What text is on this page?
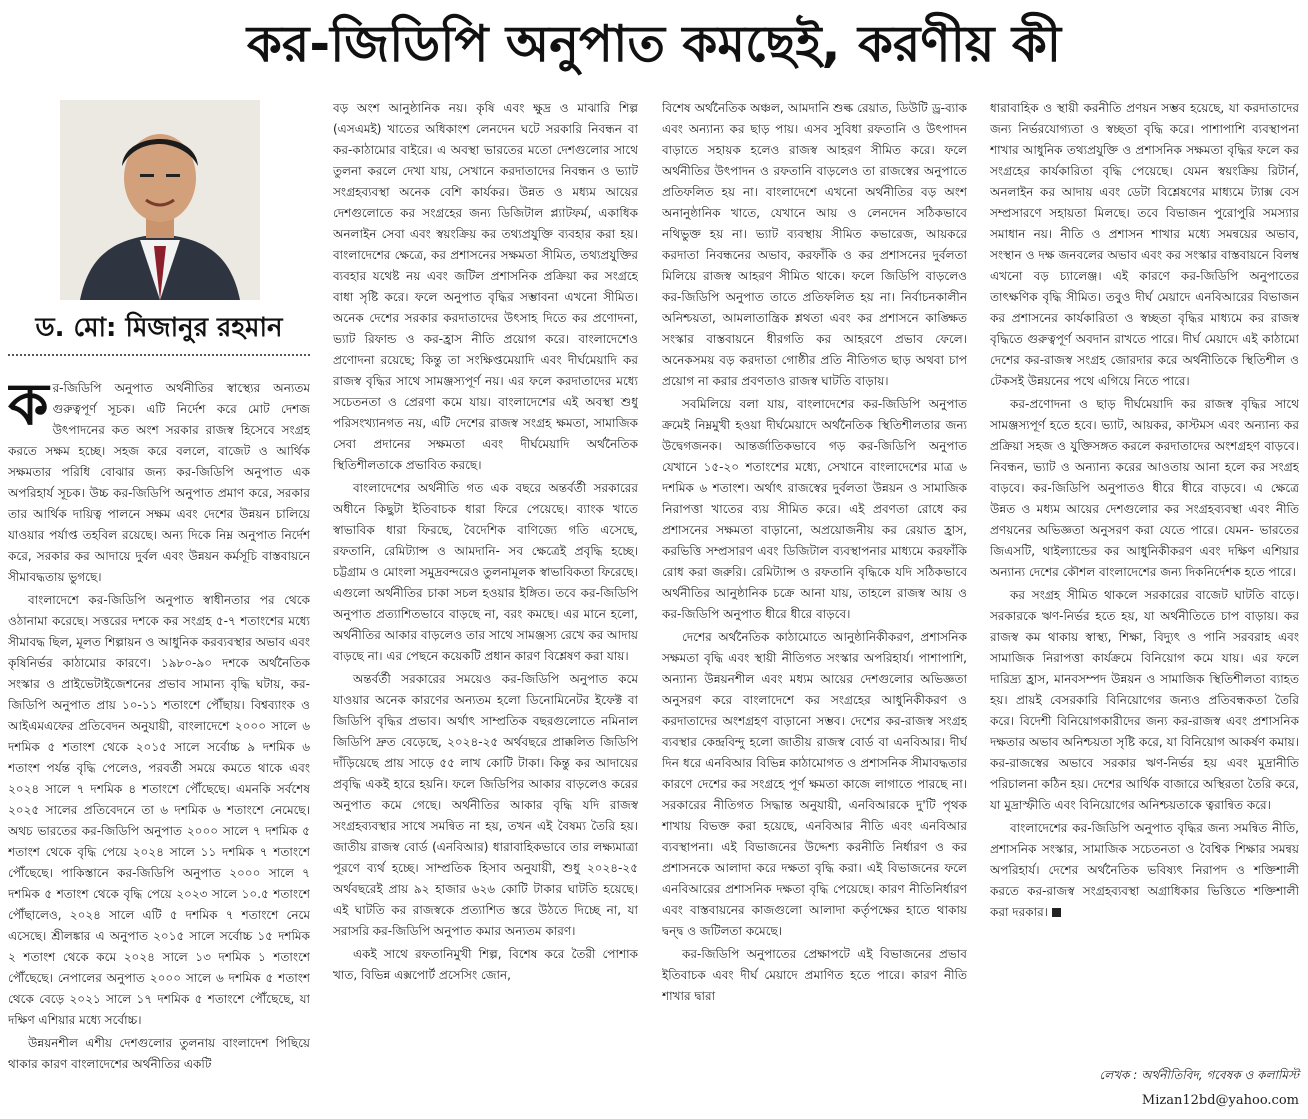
কর-জিডিপি অনুপাত কমছেই, করণীয় কী
ড. মো: মিজানুর রহমান

কর-জিডিপি অনুপাত অর্থনীতির স্বাস্থ্যের অন্যতম গুরুত্বপূর্ণ সূচক। এটি নির্দেশ করে মোট দেশজ উৎপাদনের কত অংশ সরকার রাজস্ব হিসেবে সংগ্রহ করতে সক্ষম হচ্ছে। সহজ করে বললে, বাজেট ও আর্থিক সক্ষমতার পরিধি বোঝার জন্য কর-জিডিপি অনুপাত এক অপরিহার্য সূচক। উচ্চ কর-জিডিপি অনুপাত প্রমাণ করে, সরকার তার আর্থিক দায়িত্ব পালনে সক্ষম এবং দেশের উন্নয়ন চালিয়ে যাওয়ার পর্যাপ্ত তহবিল রয়েছে। অন্য দিকে নিম্ন অনুপাত নির্দেশ করে, সরকার কর আদায়ে দুর্বল এবং উন্নয়ন কর্মসূচি বাস্তবায়নে সীমাবদ্ধতায় ভুগছে।

বাংলাদেশে কর-জিডিপি অনুপাত স্বাধীনতার পর থেকে ওঠানামা করেছে। সত্তরের দশকে কর সংগ্রহ ৫-৭ শতাংশের মধ্যে সীমাবদ্ধ ছিল, মূলত শিল্পায়ন ও আধুনিক করব্যবস্থার অভাব এবং কৃষিনির্ভর কাঠামোর কারণে। ১৯৮০-৯০ দশকে অর্থনৈতিক সংস্কার ও প্রাইভেটাইজেশনের প্রভাব সামান্য বৃদ্ধি ঘটায়, কর-জিডিপি অনুপাত প্রায় ১০-১১ শতাংশে পৌঁছায়। বিশ্বব্যাংক ও আইএমএফের প্রতিবেদন অনুযায়ী, বাংলাদেশে ২০০০ সালে ৬ দশমিক ৫ শতাংশ থেকে ২০১৫ সালে সর্বোচ্চ ৯ দশমিক ৬ শতাংশ পর্যন্ত বৃদ্ধি পেলেও, পরবর্তী সময়ে কমতে থাকে এবং ২০২৪ সালে ৭ দশমিক ৪ শতাংশে পৌঁছেছে। এমনকি সর্বশেষ ২০২৫ সালের প্রতিবেদনে তা ৬ দশমিক ৬ শতাংশে নেমেছে। অথচ ভারতের কর-জিডিপি অনুপাত ২০০০ সালে ৭ দশমিক ৫ শতাংশ থেকে বৃদ্ধি পেয়ে ২০২৪ সালে ১১ দশমিক ৭ শতাংশে পৌঁছেছে। পাকিস্তানে কর-জিডিপি অনুপাত ২০০০ সালে ৭ দশমিক ৫ শতাংশ থেকে বৃদ্ধি পেয়ে ২০২৩ সালে ১০.৫ শতাংশে পৌঁছালেও, ২০২৪ সালে এটি ৫ দশমিক ৭ শতাংশে নেমে এসেছে। শ্রীলঙ্কার এ অনুপাত ২০১৫ সালে সর্বোচ্চ ১৫ দশমিক ২ শতাংশ থেকে কমে ২০২৪ সালে ১৩ দশমিক ১ শতাংশে পৌঁছেছে। নেপালের অনুপাত ২০০০ সালে ৬ দশমিক ৫ শতাংশ থেকে বেড়ে ২০২১ সালে ১৭ দশমিক ৫ শতাংশে পৌঁছেছে, যা দক্ষিণ এশিয়ার মধ্যে সর্বোচ্চ।

উন্নয়নশীল এশীয় দেশগুলোর তুলনায় বাংলাদেশ পিছিয়ে থাকার কারণ বাংলাদেশের অর্থনীতির একটি

বড় অংশ আনুষ্ঠানিক নয়। কৃষি এবং ক্ষুদ্র ও মাঝারি শিল্প (এসএমই) খাতের অধিকাংশ লেনদেন ঘটে সরকারি নিবন্ধন বা কর-কাঠামোর বাইরে। এ অবস্থা ভারতের মতো দেশগুলোর সাথে তুলনা করলে দেখা যায়, সেখানে করদাতাদের নিবন্ধন ও ভ্যাট সংগ্রহব্যবস্থা অনেক বেশি কার্যকর। উন্নত ও মধ্যম আয়ের দেশগুলোতে কর সংগ্রহের জন্য ডিজিটাল প্ল্যাটফর্ম, একাধিক অনলাইন সেবা এবং স্বয়ংক্রিয় কর তথ্যপ্রযুক্তি ব্যবহার করা হয়। বাংলাদেশের ক্ষেত্রে, কর প্রশাসনের সক্ষমতা সীমিত, তথ্যপ্রযুক্তির ব্যবহার যথেষ্ট নয় এবং জটিল প্রশাসনিক প্রক্রিয়া কর সংগ্রহে বাধা সৃষ্টি করে। ফলে অনুপাত বৃদ্ধির সম্ভাবনা এখনো সীমিত। অনেক দেশের সরকার করদাতাদের উৎসাহ দিতে কর প্রণোদনা, ভ্যাট রিফান্ড ও কর-হ্রাস নীতি প্রয়োগ করে। বাংলাদেশেও প্রণোদনা রয়েছে; কিন্তু তা সংক্ষিপ্তমেয়াদি এবং দীর্ঘমেয়াদি কর রাজস্ব বৃদ্ধির সাথে সামঞ্জস্যপূর্ণ নয়। এর ফলে করদাতাদের মধ্যে সচেতনতা ও প্রেরণা কমে যায়। বাংলাদেশের এই অবস্থা শুধু পরিসংখ্যানগত নয়, এটি দেশের রাজস্ব সংগ্রহ ক্ষমতা, সামাজিক সেবা প্রদানের সক্ষমতা এবং দীর্ঘমেয়াদি অর্থনৈতিক স্থিতিশীলতাকে প্রভাবিত করছে।

বাংলাদেশের অর্থনীতি গত এক বছরে অন্তর্বর্তী সরকারের অধীনে কিছুটা ইতিবাচক ধারা ফিরে পেয়েছে। ব্যাংক খাতে স্বাভাবিক ধারা ফিরছে, বৈদেশিক বাণিজ্যে গতি এসেছে, রফতানি, রেমিট্যান্স ও আমদানি- সব ক্ষেত্রেই প্রবৃদ্ধি হচ্ছে। চট্টগ্রাম ও মোংলা সমুদ্রবন্দরেও তুলনামূলক স্বাভাবিকতা ফিরেছে। এগুলো অর্থনীতির চাকা সচল হওয়ার ইঙ্গিত। তবে কর-জিডিপি অনুপাত প্রত্যাশিতভাবে বাড়ছে না, বরং কমছে। এর মানে হলো, অর্থনীতির আকার বাড়লেও তার সাথে সামঞ্জস্য রেখে কর আদায় বাড়ছে না। এর পেছনে কয়েকটি প্রধান কারণ বিশ্লেষণ করা যায়।

অন্তর্বর্তী সরকারের সময়েও কর-জিডিপি অনুপাত কমে যাওয়ার অনেক কারণের অন্যতম হলো ডিনোমিনেটর ইফেক্ট বা জিডিপি বৃদ্ধির প্রভাব। অর্থাৎ সাম্প্রতিক বছরগুলোতে নমিনাল জিডিপি দ্রুত বেড়েছে, ২০২৪-২৫ অর্থবছরে প্রাক্কলিত জিডিপি দাঁড়িয়েছে প্রায় সাড়ে ৫৫ লাখ কোটি টাকা। কিন্তু কর আদায়ের প্রবৃদ্ধি একই হারে হয়নি। ফলে জিডিপির আকার বাড়লেও করের অনুপাত কমে গেছে। অর্থনীতির আকার বৃদ্ধি যদি রাজস্ব সংগ্রহব্যবস্থার সাথে সমন্বিত না হয়, তখন এই বৈষম্য তৈরি হয়। জাতীয় রাজস্ব বোর্ড (এনবিআর) ধারাবাহিকভাবে তার লক্ষ্যমাত্রা পূরণে ব্যর্থ হচ্ছে। সাম্প্রতিক হিসাব অনুযায়ী, শুধু ২০২৪-২৫ অর্থবছরেই প্রায় ৯২ হাজার ৬২৬ কোটি টাকার ঘাটতি হয়েছে। এই ঘাটতি কর রাজস্বকে প্রত্যাশিত স্তরে উঠতে দিচ্ছে না, যা সরাসরি কর-জিডিপি অনুপাত কমার অন্যতম কারণ।

একই সাথে রফতানিমুখী শিল্প, বিশেষ করে তৈরী পোশাক খাত, বিভিন্ন এক্সপোর্ট প্রসেসিং জোন,

বিশেষ অর্থনৈতিক অঞ্চল, আমদানি শুল্ক রেয়াত, ডিউটি ড্র-ব্যাক এবং অন্যান্য কর ছাড় পায়। এসব সুবিধা রফতানি ও উৎপাদন বাড়াতে সহায়ক হলেও রাজস্ব আহরণ সীমিত করে। ফলে অর্থনীতির উৎপাদন ও রফতানি বাড়লেও তা রাজস্বের অনুপাতে প্রতিফলিত হয় না। বাংলাদেশে এখনো অর্থনীতির বড় অংশ অনানুষ্ঠানিক খাতে, যেখানে আয় ও লেনদেন সঠিকভাবে নথিভুক্ত হয় না। ভ্যাট ব্যবস্থায় সীমিত কভারেজ, আয়করে করদাতা নিবন্ধনের অভাব, করফাঁকি ও কর প্রশাসনের দুর্বলতা মিলিয়ে রাজস্ব আহরণ সীমিত থাকে। ফলে জিডিপি বাড়লেও কর-জিডিপি অনুপাত তাতে প্রতিফলিত হয় না। নির্বাচনকালীন অনিশ্চয়তা, আমলাতান্ত্রিক শ্লথতা এবং কর প্রশাসনে কাঙ্ক্ষিত সংস্কার বাস্তবায়নে ধীরগতি কর আহরণে প্রভাব ফেলে। অনেকসময় বড় করদাতা গোষ্ঠীর প্রতি নীতিগত ছাড় অথবা চাপ প্রয়োগ না করার প্রবণতাও রাজস্ব ঘাটতি বাড়ায়।

সবমিলিয়ে বলা যায়, বাংলাদেশের কর-জিডিপি অনুপাত ক্রমেই নিম্নমুখী হওয়া দীর্ঘমেয়াদে অর্থনৈতিক স্থিতিশীলতার জন্য উদ্বেগজনক। আন্তর্জাতিকভাবে গড় কর-জিডিপি অনুপাত যেখানে ১৫-২০ শতাংশের মধ্যে, সেখানে বাংলাদেশের মাত্র ৬ দশমিক ৬ শতাংশ। অর্থাৎ রাজস্বের দুর্বলতা উন্নয়ন ও সামাজিক নিরাপত্তা খাতের ব্যয় সীমিত করে। এই প্রবণতা রোধে কর প্রশাসনের সক্ষমতা বাড়ানো, অপ্রয়োজনীয় কর রেয়াত হ্রাস, করভিত্তি সম্প্রসারণ এবং ডিজিটাল ব্যবস্থাপনার মাধ্যমে করফাঁকি রোধ করা জরুরি। রেমিট্যান্স ও রফতানি বৃদ্ধিকে যদি সঠিকভাবে অর্থনীতির আনুষ্ঠানিক চক্রে আনা যায়, তাহলে রাজস্ব আয় ও কর-জিডিপি অনুপাত ধীরে ধীরে বাড়বে।

দেশের অর্থনৈতিক কাঠামোতে আনুষ্ঠানিকীকরণ, প্রশাসনিক সক্ষমতা বৃদ্ধি এবং স্থায়ী নীতিগত সংস্কার অপরিহার্য। পাশাপাশি, অন্যান্য উন্নয়নশীল এবং মধ্যম আয়ের দেশগুলোর অভিজ্ঞতা অনুসরণ করে বাংলাদেশে কর সংগ্রহের আধুনিকীকরণ ও করদাতাদের অংশগ্রহণ বাড়ানো সম্ভব। দেশের কর-রাজস্ব সংগ্রহ ব্যবস্থার কেন্দ্রবিন্দু হলো জাতীয় রাজস্ব বোর্ড বা এনবিআর। দীর্ঘ দিন ধরে এনবিআর বিভিন্ন কাঠামোগত ও প্রশাসনিক সীমাবদ্ধতার কারণে দেশের কর সংগ্রহে পূর্ণ ক্ষমতা কাজে লাগাতে পারছে না। সরকারের নীতিগত সিদ্ধান্ত অনুযায়ী, এনবিআরকে দু'টি পৃথক শাখায় বিভক্ত করা হয়েছে, এনবিআর নীতি এবং এনবিআর ব্যবস্থাপনা। এই বিভাজনের উদ্দেশ্য করনীতি নির্ধারণ ও কর প্রশাসনকে আলাদা করে দক্ষতা বৃদ্ধি করা। এই বিভাজনের ফলে এনবিআরের প্রশাসনিক দক্ষতা বৃদ্ধি পেয়েছে। কারণ নীতিনির্ধারণ এবং বাস্তবায়নের কাজগুলো আলাদা কর্তৃপক্ষের হাতে থাকায় দ্বন্দ্ব ও জটিলতা কমেছে।

কর-জিডিপি অনুপাতের প্রেক্ষাপটে এই বিভাজনের প্রভাব ইতিবাচক এবং দীর্ঘ মেয়াদে প্রমাণিত হতে পারে। কারণ নীতি শাখার দ্বারা

ধারাবাহিক ও স্থায়ী করনীতি প্রণয়ন সম্ভব হয়েছে, যা করদাতাদের জন্য নির্ভরযোগ্যতা ও স্বচ্ছতা বৃদ্ধি করে। পাশাপাশি ব্যবস্থাপনা শাখার আধুনিক তথ্যপ্রযুক্তি ও প্রশাসনিক সক্ষমতা বৃদ্ধির ফলে কর সংগ্রহের কার্যকারিতা বৃদ্ধি পেয়েছে। যেমন স্বয়ংক্রিয় রিটার্ন, অনলাইন কর আদায় এবং ডেটা বিশ্লেষণের মাধ্যমে ট্যাক্স বেস সম্প্রসারণে সহায়তা মিলছে। তবে বিভাজন পুরোপুরি সমস্যার সমাধান নয়। নীতি ও প্রশাসন শাখার মধ্যে সমন্বয়ের অভাব, সংস্থান ও দক্ষ জনবলের অভাব এবং কর সংস্কার বাস্তবায়নে বিলম্ব এখনো বড় চ্যালেঞ্জ। এই কারণে কর-জিডিপি অনুপাতের তাৎক্ষণিক বৃদ্ধি সীমিত। তবুও দীর্ঘ মেয়াদে এনবিআরের বিভাজন কর প্রশাসনের কার্যকারিতা ও স্বচ্ছতা বৃদ্ধির মাধ্যমে কর রাজস্ব বৃদ্ধিতে গুরুত্বপূর্ণ অবদান রাখতে পারে। দীর্ঘ মেয়াদে এই কাঠামো দেশের কর-রাজস্ব সংগ্রহ জোরদার করে অর্থনীতিকে স্থিতিশীল ও টেকসই উন্নয়নের পথে এগিয়ে নিতে পারে।

কর-প্রণোদনা ও ছাড় দীর্ঘমেয়াদি কর রাজস্ব বৃদ্ধির সাথে সামঞ্জস্যপূর্ণ হতে হবে। ভ্যাট, আয়কর, কাস্টমস এবং অন্যান্য কর প্রক্রিয়া সহজ ও যুক্তিসঙ্গত করলে করদাতাদের অংশগ্রহণ বাড়বে। নিবন্ধন, ভ্যাট ও অন্যান্য করের আওতায় আনা হলে কর সংগ্রহ বাড়বে। কর-জিডিপি অনুপাতও ধীরে ধীরে বাড়বে। এ ক্ষেত্রে উন্নত ও মধ্যম আয়ের দেশগুলোর কর সংগ্রহব্যবস্থা এবং নীতি প্রণয়নের অভিজ্ঞতা অনুসরণ করা যেতে পারে। যেমন- ভারতের জিএসটি, থাইল্যান্ডের কর আধুনিকীকরণ এবং দক্ষিণ এশিয়ার অন্যান্য দেশের কৌশল বাংলাদেশের জন্য দিকনির্দেশক হতে পারে।

কর সংগ্রহ সীমিত থাকলে সরকারের বাজেট ঘাটতি বাড়ে। সরকারকে ঋণ-নির্ভর হতে হয়, যা অর্থনীতিতে চাপ বাড়ায়। কর রাজস্ব কম থাকায় স্বাস্থ্য, শিক্ষা, বিদ্যুৎ ও পানি সরবরাহ এবং সামাজিক নিরাপত্তা কার্যক্রমে বিনিয়োগ কমে যায়। এর ফলে দারিদ্র্য হ্রাস, মানবসম্পদ উন্নয়ন ও সামাজিক স্থিতিশীলতা ব্যাহত হয়। প্রায়ই বেসরকারি বিনিয়োগের জন্যও প্রতিবন্ধকতা তৈরি করে। বিদেশী বিনিয়োগকারীদের জন্য কর-রাজস্ব এবং প্রশাসনিক দক্ষতার অভাব অনিশ্চয়তা সৃষ্টি করে, যা বিনিয়োগ আকর্ষণ কমায়। কর-রাজস্বের অভাবে সরকার ঋণ-নির্ভর হয় এবং মুদ্রানীতি পরিচালনা কঠিন হয়। দেশের আর্থিক বাজারে অস্থিরতা তৈরি করে, যা মুদ্রাস্ফীতি এবং বিনিয়োগের অনিশ্চয়তাকে ত্বরান্বিত করে।

বাংলাদেশের কর-জিডিপি অনুপাত বৃদ্ধির জন্য সমন্বিত নীতি, প্রশাসনিক সংস্কার, সামাজিক সচেতনতা ও বৈশ্বিক শিক্ষার সমন্বয় অপরিহার্য। দেশের অর্থনৈতিক ভবিষ্যৎ নিরাপদ ও শক্তিশালী করতে কর-রাজস্ব সংগ্রহব্যবস্থা অগ্রাধিকার ভিত্তিতে শক্তিশালী করা দরকার।

লেখক : অর্থনীতিবিদ, গবেষক ও কলামিস্ট
Mizan12bd@yahoo.com
